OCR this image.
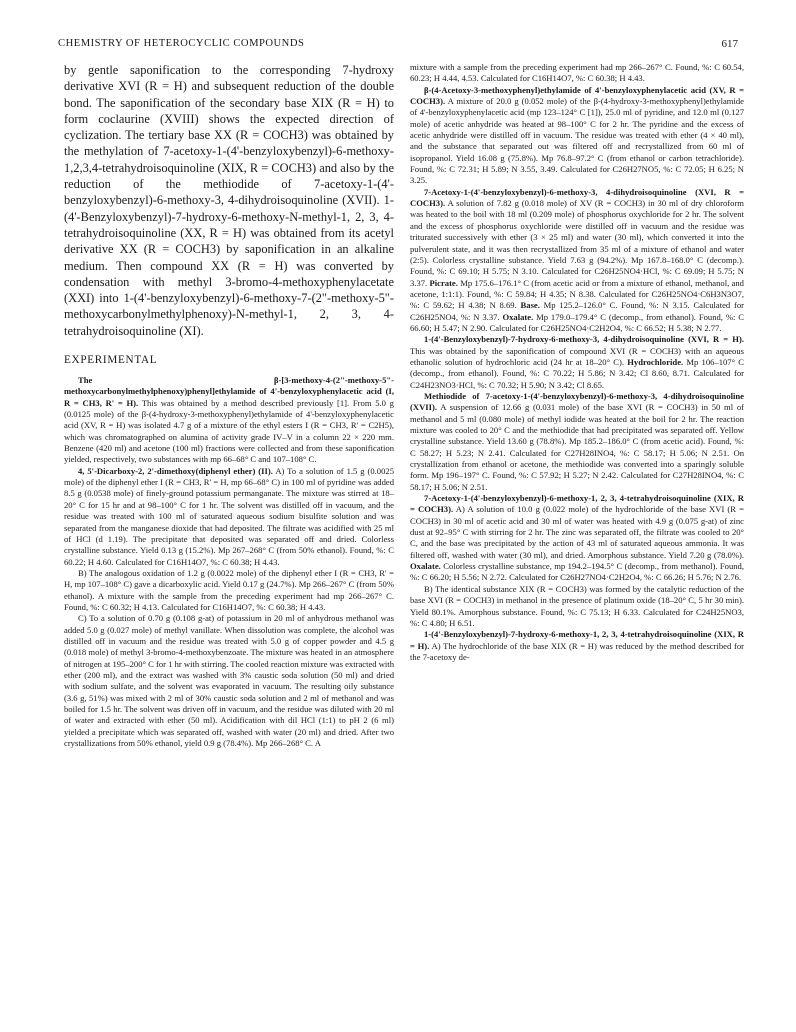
CHEMISTRY OF HETEROCYCLIC COMPOUNDS	617

by gentle saponification to the corresponding 7-hydroxy derivative XVI (R = H) and subsequent reduction of the double bond. The saponification of the secondary base XIX (R = H) to form coclaurine (XVIII) shows the expected direction of cyclization. The tertiary base XX (R = COCH3) was obtained by the methylation of 7-acetoxy-1-(4'-benzyloxybenzyl)-6-methoxy-1,2,3,4-tetrahydroisoquinoline (XIX, R = COCH3) and also by the reduction of the methiodide of 7-acetoxy-1-(4'-benzyloxybenzyl)-6-methoxy-3, 4-dihydroisoquinoline (XVII). 1-(4'-Benzyloxybenzyl)-7-hydroxy-6-methoxy-N-methyl-1, 2, 3, 4-tetrahydroisoquinoline (XX, R = H) was obtained from its acetyl derivative XX (R = COCH3) by saponification in an alkaline medium. Then compound XX (R = H) was converted by condensation with methyl 3-bromo-4-methoxyphenylacetate (XXI) into 1-(4'-benzyloxybenzyl)-6-methoxy-7-(2"-methoxy-5"-methoxycarbonylmethylphenoxy)-N-methyl-1, 2, 3, 4-tetrahydroisoquinoline (XI).

EXPERIMENTAL

The β-[3-methoxy-4-(2"-methoxy-5"-methoxycarbonylmethylphenoxy)phenyl]ethylamide of 4'-benzyloxyphenylacetic acid (I, R = CH3, R' = H). This was obtained by a method described previously [1]. From 5.0 g (0.0125 mole) of the β-(4-hydroxy-3-methoxyphenyl)ethylamide of 4'-benzyloxyphenylacetic acid (XV, R = H) was isolated 4.7 g of a mixture of the ethyl esters I (R = CH3, R' = C2H5), which was chromatographed on alumina of activity grade IV–V in a column 22 × 220 mm. Benzene (420 ml) and acetone (100 ml) fractions were collected and from these saponification yielded, respectively, two substances with mp 66–68° C and 107–108° C.

4, 5'-Dicarboxy-2, 2'-dimethoxy(diphenyl ether) (II). A) To a solution of 1.5 g (0.0025 mole) of the diphenyl ether I (R = CH3, R' = H, mp 66–68° C) in 100 ml of pyridine was added 8.5 g (0.0538 mole) of finely-ground potassium permanganate. The mixture was stirred at 18–20° C for 15 hr and at 98–100° C for 1 hr. The solvent was distilled off in vacuum, and the residue was treated with 100 ml of saturated aqueous sodium bisulfite solution and was separated from the manganese dioxide that had deposited. The filtrate was acidified with 25 ml of HCl (d 1.19). The precipitate that deposited was separated off and dried. Colorless crystalline substance. Yield 0.13 g (15.2%). Mp 267–268° C (from 50% ethanol). Found, %: C 60.22; H 4.60. Calculated for C16H14O7, %: C 60.38; H 4.43.

B) The analogous oxidation of 1.2 g (0.0022 mole) of the diphenyl ether I (R = CH3, R' = H, mp 107–108° C) gave a dicarboxylic acid. Yield 0.17 g (24.7%). Mp 266–267° C (from 50% ethanol). A mixture with the sample from the preceding experiment had mp 266–267° C. Found, %: C 60.32; H 4.13. Calculated for C16H14O7, %: C 60.38; H 4.43.

C) To a solution of 0.70 g (0.108 g-at) of potassium in 20 ml of anhydrous methanol was added 5.0 g (0.027 mole) of methyl vanillate. When dissolution was complete, the alcohol was distilled off in vacuum and the residue was treated with 5.0 g of copper powder and 4.5 g (0.018 mole) of methyl 3-bromo-4-methoxybenzoate. The mixture was heated in an atmosphere of nitrogen at 195–200° C for 1 hr with stirring. The cooled reaction mixture was extracted with ether (200 ml), and the extract was washed with 3% caustic soda solution (50 ml) and dried with sodium sulfate, and the solvent was evaporated in vacuum. The resulting oily substance (3.6 g, 51%) was mixed with 2 ml of 30% caustic soda solution and 2 ml of methanol and was boiled for 1.5 hr. The solvent was driven off in vacuum, and the residue was diluted with 20 ml of water and extracted with ether (50 ml). Acidification with dil HCl (1:1) to pH 2 (6 ml) yielded a precipitate which was separated off, washed with water (20 ml) and dried. After two crystallizations from 50% ethanol, yield 0.9 g (78.4%). Mp 266–268° C. A

mixture with a sample from the preceding experiment had mp 266–267° C. Found, %: C 60.54, 60.23; H 4.44, 4.53. Calculated for C16H14O7, %: C 60.38; H 4.43.

β-(4-Acetoxy-3-methoxyphenyl)ethylamide of 4'-benzyloxyphenylacetic acid (XV, R = COCH3). A mixture of 20.0 g (0.052 mole) of the β-(4-hydroxy-3-methoxyphenyl)ethylamide of 4'-benzyloxyphenylacetic acid (mp 123–124° C [1]), 25.0 ml of pyridine, and 12.0 ml (0.127 mole) of acetic anhydride was heated at 98–100° C for 2 hr. The pyridine and the excess of acetic anhydride were distilled off in vacuum. The residue was treated with ether (4 × 40 ml), and the substance that separated out was filtered off and recrystallized from 60 ml of isopropanol. Yield 16.08 g (75.8%). Mp 76.8–97.2° C (from ethanol or carbon tetrachloride). Found, %: C 72.31; H 5.89; N 3.55, 3.49. Calculated for C26H27NO5, %: C 72.05; H 6.25; N 3.25.

7-Acetoxy-1-(4'-benzyloxybenzyl)-6-methoxy-3, 4-dihydroisoquinoline (XVI, R = COCH3). A solution of 7.82 g (0.018 mole) of XV (R = COCH3) in 30 ml of dry chloroform was heated to the boil with 18 ml (0.209 mole) of phosphorus oxychloride for 2 hr. The solvent and the excess of phosphorus oxychloride were distilled off in vacuum and the residue was triturated successively with ether (3 × 25 ml) and water (30 ml), which converted it into the pulverulent state, and it was then recrystallized from 35 ml of a mixture of ethanol and water (2:5). Colorless crystalline substance. Yield 7.63 g (94.2%). Mp 167.8–168.0° C (decomp.). Found, %: C 69.10; H 5.75; N 3.10. Calculated for C26H25NO4·HCl, %: C 69.09; H 5.75; N 3.37. Picrate. Mp 175.6–176.1° C (from acetic acid or from a mixture of ethanol, methanol, and acetone, 1:1:1). Found, %: C 59.84; H 4.35; N 8.38. Calculated for C26H25NO4·C6H3N3O7, %: C 59.62; H 4.38; N 8.69. Base. Mp 125.2–126.0° C. Found, %: N 3.15. Calculated for C26H25NO4, %: N 3.37. Oxalate. Mp 179.0–179.4° C (decomp., from ethanol). Found, %: C 66.60; H 5.47; N 2.90. Calculated for C26H25NO4·C2H2O4, %: C 66.52; H 5.38; N 2.77.

1-(4'-Benzyloxybenzyl)-7-hydroxy-6-methoxy-3, 4-dihydroisoquinoline (XVI, R = H). This was obtained by the saponification of compound XVI (R = COCH3) with an aqueous ethanolic solution of hydrochloric acid (24 hr at 18–20° C). Hydrochloride. Mp 106–107° C (decomp., from ethanol). Found, %: C 70.22; H 5.86; N 3.42; Cl 8.60, 8.71. Calculated for C24H23NO3·HCl, %: C 70.32; H 5.90; N 3.42; Cl 8.65.

Methiodide of 7-acetoxy-1-(4'-benzyloxybenzyl)-6-methoxy-3, 4-dihydroisoquinoline (XVII). A suspension of 12.66 g (0.031 mole) of the base XVI (R = COCH3) in 50 ml of methanol and 5 ml (0.080 mole) of methyl iodide was heated at the boil for 2 hr. The reaction mixture was cooled to 20° C and the methiodide that had precipitated was separated off. Yellow crystalline substance. Yield 13.60 g (78.8%). Mp 185.2–186.0° C (from acetic acid). Found, %: C 58.27; H 5.23; N 2.41. Calculated for C27H28INO4, %: C 58.17; H 5.06; N 2.51. On crystallization from ethanol or acetone, the methiodide was converted into a sparingly soluble form. Mp 196–197° C. Found, %: C 57.92; H 5.27; N 2.42. Calculated for C27H28INO4, %: C 58.17; H 5.06; N 2.51.

7-Acetoxy-1-(4'-benzyloxybenzyl)-6-methoxy-1, 2, 3, 4-tetrahydroisoquinoline (XIX, R = COCH3). A) A solution of 10.0 g (0.022 mole) of the hydrochloride of the base XVI (R = COCH3) in 30 ml of acetic acid and 30 ml of water was heated with 4.9 g (0.075 g-at) of zinc dust at 92–95° C with stirring for 2 hr. The zinc was separated off, the filtrate was cooled to 20° C, and the base was precipitated by the action of 43 ml of saturated aqueous ammonia. It was filtered off, washed with water (30 ml), and dried. Amorphous substance. Yield 7.20 g (78.0%). Oxalate. Colorless crystalline substance, mp 194.2–194.5° C (decomp., from methanol). Found, %: C 66.20; H 5.56; N 2.72. Calculated for C26H27NO4·C2H2O4, %: C 66.26; H 5.76; N 2.76.

B) The identical substance XIX (R = COCH3) was formed by the catalytic reduction of the base XVI (R = COCH3) in methanol in the presence of platinum oxide (18–20° C, 5 hr 30 min). Yield 80.1%. Amorphous substance. Found, %: C 75.13; H 6.33. Calculated for C24H25NO3, %: C 4.80; H 6.51.

1-(4'-Benzyloxybenzyl)-7-hydroxy-6-methoxy-1, 2, 3, 4-tetrahydroisoquinoline (XIX, R = H). A) The hydrochloride of the base XIX (R = H) was reduced by the method described for the 7-acetoxy de-
